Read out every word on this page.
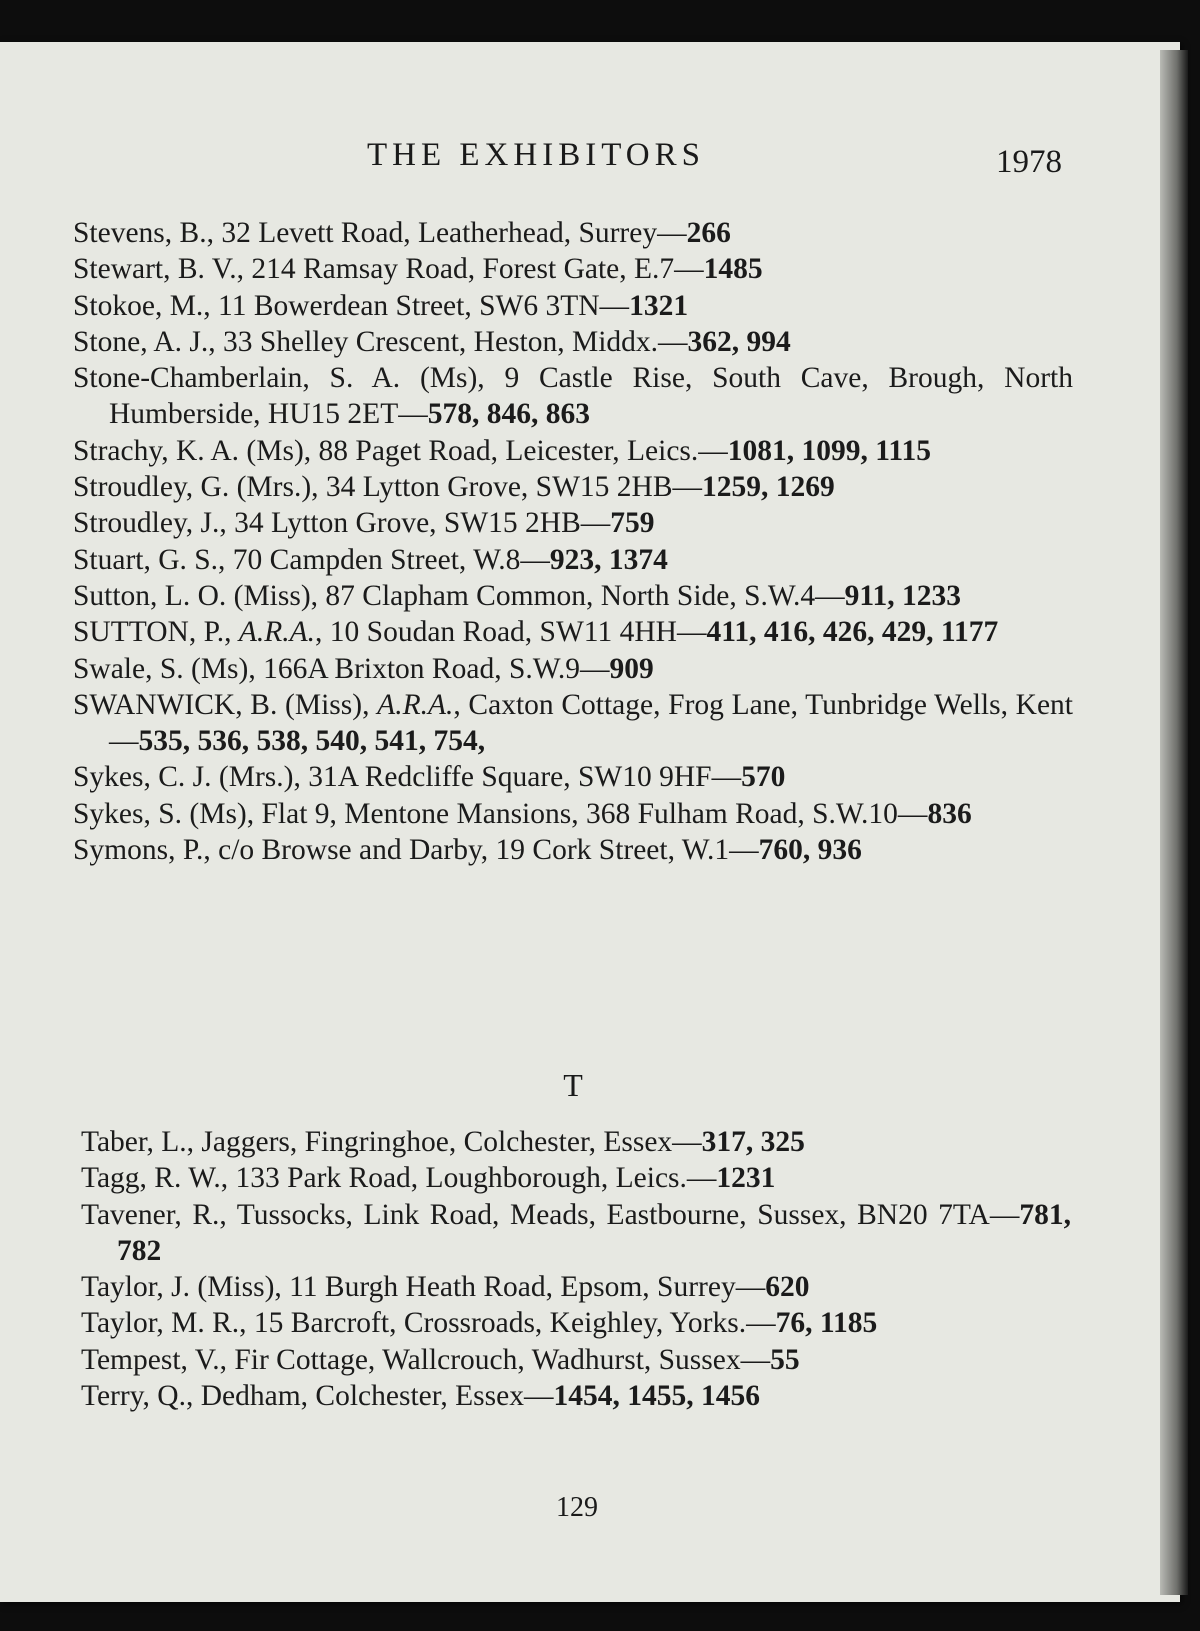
THE EXHIBITORS	1978

Stevens, B., 32 Levett Road, Leatherhead, Surrey—266

Stewart, B. V., 214 Ramsay Road, Forest Gate, E.7—1485

Stokoe, M., 11 Bowerdean Street, SW6 3TN—1321

Stone, A. J., 33 Shelley Crescent, Heston, Middx.—362, 994

Stone-Chamberlain, S. A. (Ms), 9 Castle Rise, South Cave, Brough, North Humberside, HU15 2ET—578, 846, 863

Strachy, K. A. (Ms), 88 Paget Road, Leicester, Leics.—1081, 1099, 1115

Stroudley, G. (Mrs.), 34 Lytton Grove, SW15 2HB—1259, 1269

Stroudley, J., 34 Lytton Grove, SW15 2HB—759

Stuart, G. S., 70 Campden Street, W.8—923, 1374

Sutton, L. O. (Miss), 87 Clapham Common, North Side, S.W.4—911, 1233

SUTTON, P., A.R.A., 10 Soudan Road, SW11 4HH—411, 416, 426, 429, 1177

Swale, S. (Ms), 166A Brixton Road, S.W.9—909

SWANWICK, B. (Miss), A.R.A., Caxton Cottage, Frog Lane, Tunbridge Wells, Kent—535, 536, 538, 540, 541, 754,

Sykes, C. J. (Mrs.), 31A Redcliffe Square, SW10 9HF—570

Sykes, S. (Ms), Flat 9, Mentone Mansions, 368 Fulham Road, S.W.10—836

Symons, P., c/o Browse and Darby, 19 Cork Street, W.1—760, 936

T

Taber, L., Jaggers, Fingringhoe, Colchester, Essex—317, 325

Tagg, R. W., 133 Park Road, Loughborough, Leics.—1231

Tavener, R., Tussocks, Link Road, Meads, Eastbourne, Sussex, BN20 7TA—781, 782

Taylor, J. (Miss), 11 Burgh Heath Road, Epsom, Surrey—620

Taylor, M. R., 15 Barcroft, Crossroads, Keighley, Yorks.—76, 1185

Tempest, V., Fir Cottage, Wallcrouch, Wadhurst, Sussex—55

Terry, Q., Dedham, Colchester, Essex—1454, 1455, 1456

129
